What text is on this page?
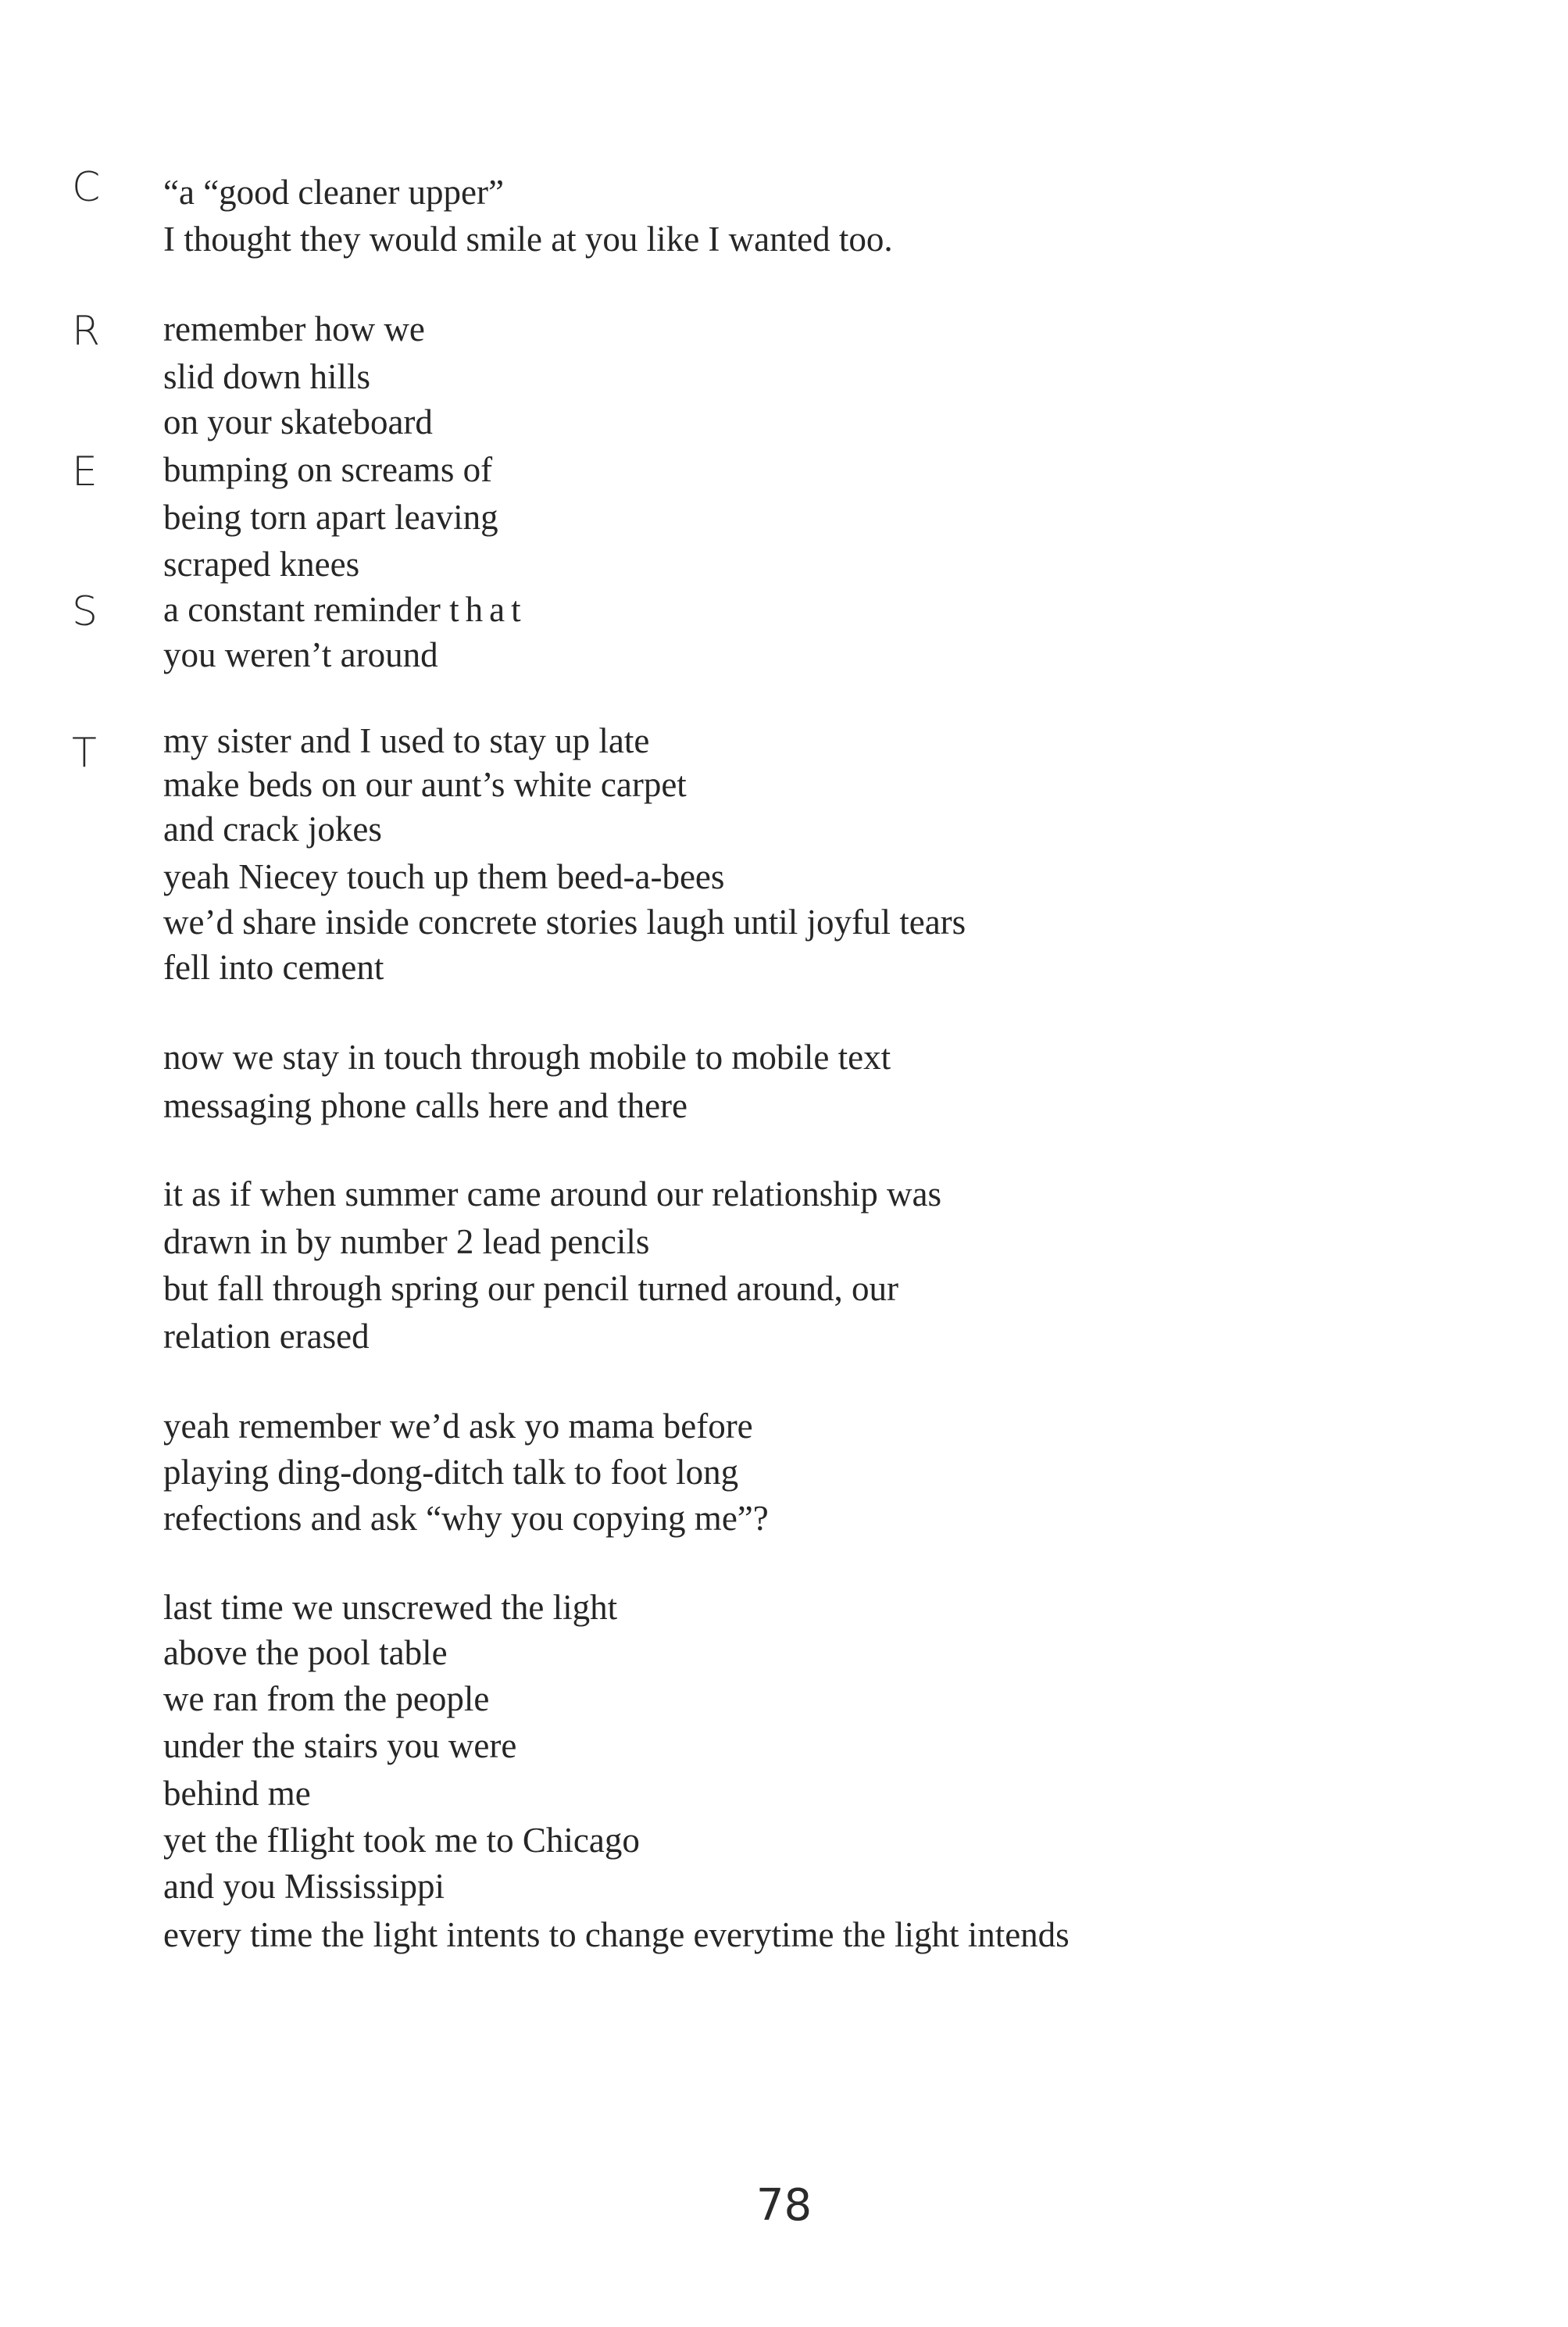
C
R
E
S
T
“a “good cleaner upper”
I thought they would smile at you like I wanted too.
remember how we
slid down hills
on your skateboard
bumping on screams of
being torn apart leaving
scraped knees
a constant reminder that
you weren’t around
my sister and I used to stay up late
make beds on our aunt’s white carpet
and crack jokes
yeah Niecey touch up them beed-a-bees
we’d share inside concrete stories laugh until joyful tears
fell into cement
now we stay in touch through mobile to mobile text
messaging phone calls here and there
it as if when summer came around our relationship was
drawn in by number 2 lead pencils
but fall through spring our pencil turned around, our
relation erased
yeah remember we’d ask yo mama before
playing ding-dong-ditch talk to foot long
refections and ask “why you copying me”?
last time we unscrewed the light
above the pool table
we ran from the people
under the stairs you were
behind me
yet the fIlight took me to Chicago
and you Mississippi
every time the light intents to change everytime the light intends
78
